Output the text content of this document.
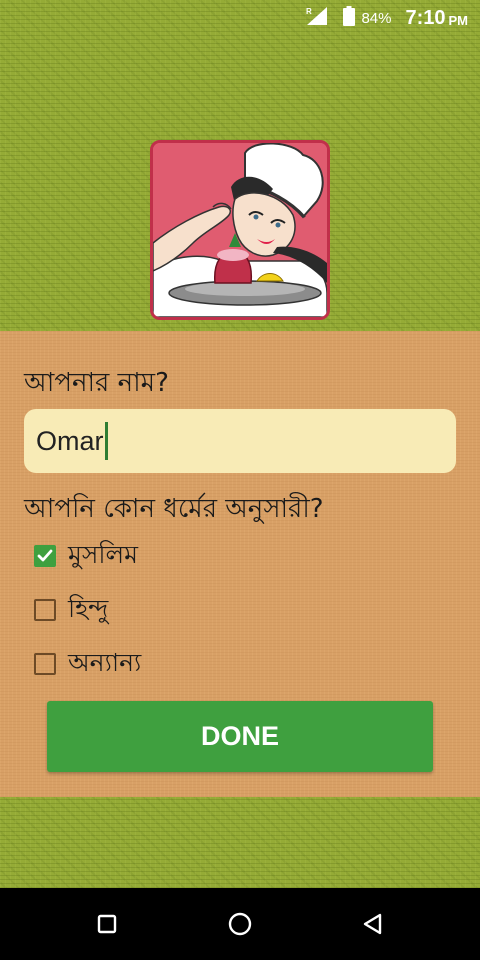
R	84% 7:10 PM
আপনার নাম?
Omar
আপনি কোন ধর্মের অনুসারী?
মুসলিম
হিন্দু
অন্যান্য
DONE
